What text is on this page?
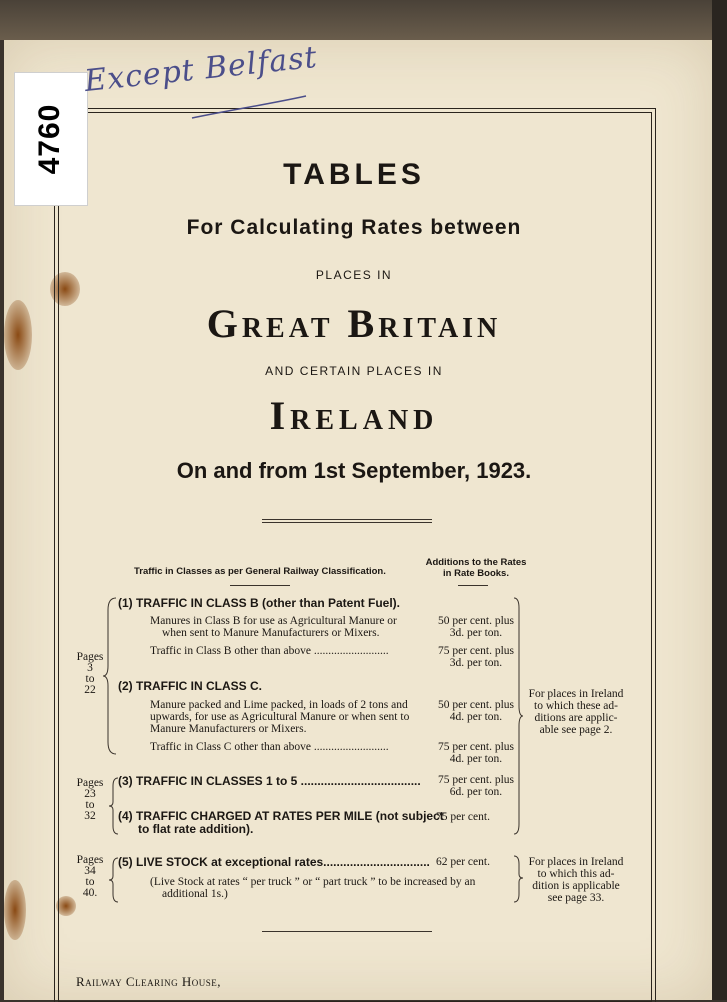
4760
Except Belfast
TABLES
For Calculating Rates between
PLACES IN
Great Britain
AND CERTAIN PLACES IN
Ireland
On and from 1st September, 1923.
Traffic in Classes as per General Railway Classification.
Additions to the Rates
in Rate Books.
Pages
3
to
22
(1) TRAFFIC IN CLASS B (other than Patent Fuel).
Manures in Class B for use as Agricultural Manure or
when sent to Manure Manufacturers or Mixers.
50 per cent. plus
3d. per ton.
Traffic in Class B other than above ..........................	75 per cent. plus
3d. per ton.
(2) TRAFFIC IN CLASS C.
Manure packed and Lime packed, in loads of 2 tons and
upwards, for use as Agricultural Manure or when sent to
Manure Manufacturers or Mixers.
50 per cent. plus
4d. per ton.
Traffic in Class C other than above ..........................	75 per cent. plus
4d. per ton.
Pages
23
to
32
(3) TRAFFIC IN CLASSES 1 to 5 .................................... 75 per cent. plus
6d. per ton.
(4) TRAFFIC CHARGED AT RATES PER MILE (not subject
to flat rate addition).
75 per cent.
For places in Ireland
to which these ad-
ditions are applic-
able see page 2.
Pages
34
to
40.
(5) LIVE STOCK at exceptional rates................................ 62 per cent.
(Live Stock at rates “ per truck ” or “ part truck ” to be increased by an
additional 1s.)
For places in Ireland
to which this ad-
dition is applicable
see page 33.
Railway Clearing House,
